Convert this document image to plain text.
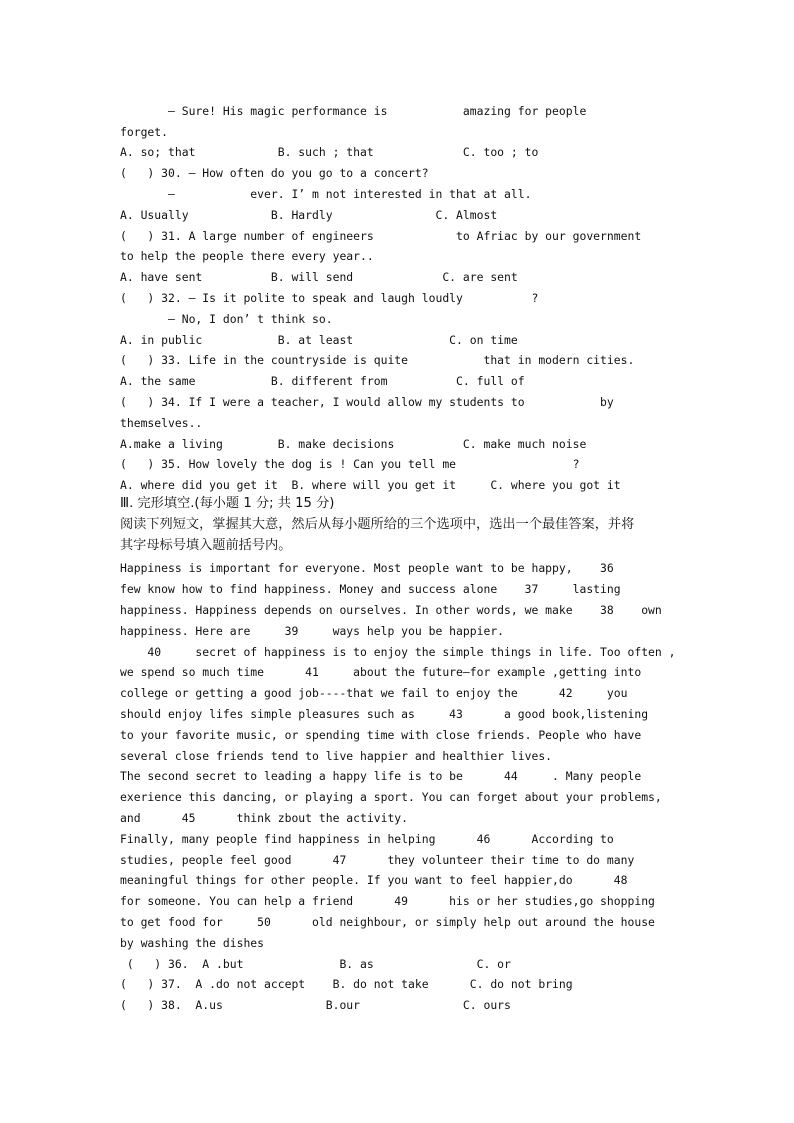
— Sure! His magic performance is           amazing for people
forget.
A. so; that            B. such ; that             C. too ; to
(   ) 30. — How often do you go to a concert?
—           ever. I’ m not interested in that at all.
A. Usually            B. Hardly               C. Almost
(   ) 31. A large number of engineers            to Afriac by our government
to help the people there every year..
A. have sent          B. will send             C. are sent
(   ) 32. — Is it polite to speak and laugh loudly          ?
— No, I don’ t think so.
A. in public           B. at least              C. on time
(   ) 33. Life in the countryside is quite           that in modern cities.
A. the same           B. different from          C. full of
(   ) 34. If I were a teacher, I would allow my students to           by
themselves..
A.make a living        B. make decisions          C. make much noise
(   ) 35. How lovely the dog is ! Can you tell me                 ?
A. where did you get it  B. where will you get it     C. where you got it
Ⅲ. 完形填空.(每小题 1 分; 共 15 分)
阅读下列短文，掌握其大意，然后从每小题所给的三个选项中，选出一个最佳答案，并将
其字母标号填入题前括号内。
Happiness is important for everyone. Most people want to be happy,    36
few know how to find happiness. Money and success alone    37     lasting
happiness. Happiness depends on ourselves. In other words, we make    38    own
happiness. Here are     39     ways help you be happier.
40     secret of happiness is to enjoy the simple things in life. Too often ,
we spend so much time      41     about the future—for example ,getting into
college or getting a good job----that we fail to enjoy the      42     you
should enjoy lifes simple pleasures such as     43      a good book,listening
to your favorite music, or spending time with close friends. People who have
several close friends tend to live happier and healthier lives.
The second secret to leading a happy life is to be      44     . Many people
exerience this dancing, or playing a sport. You can forget about your problems,
and      45      think zbout the activity.
Finally, many people find happiness in helping      46      According to
studies, people feel good      47      they volunteer their time to do many
meaningful things for other people. If you want to feel happier,do      48
for someone. You can help a friend      49      his or her studies,go shopping
to get food for     50      old neighbour, or simply help out around the house
by washing the dishes
(   ) 36.  A .but              B. as               C. or
(   ) 37.  A .do not accept    B. do not take      C. do not bring
(   ) 38.  A.us               B.our               C. ours
